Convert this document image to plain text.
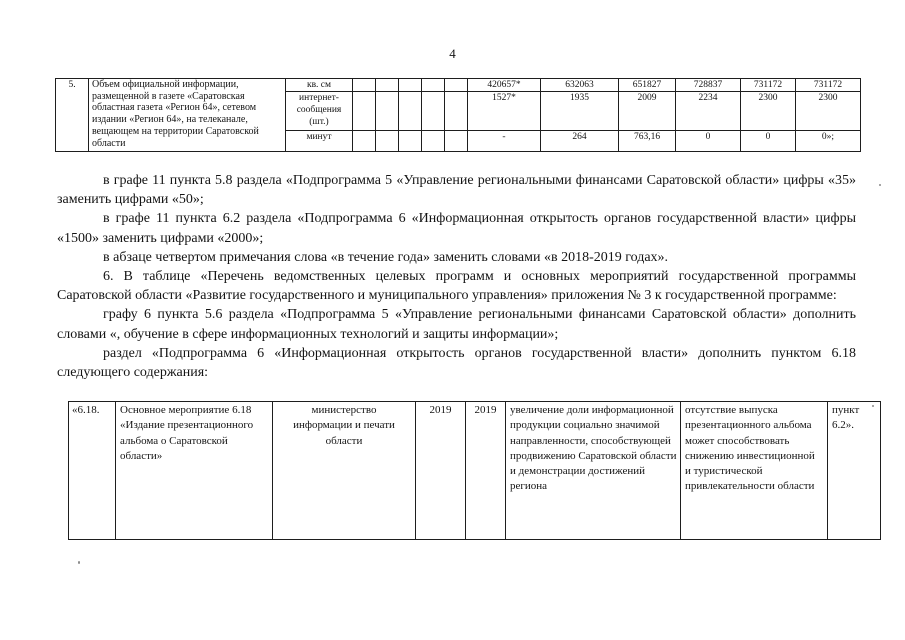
4
5.	Объем официальной информации, размещенной в газете «Саратовская областная газета «Регион 64», сетевом издании «Регион 64», на телеканале, вещающем на территории Саратовской области	кв. см						420657*	632063	651827	728837	731172	731172
		интернет-сообщения (шт.)						1527*	1935	2009	2234	2300	2300
		минут						-	264	763,16	0	0	0»;

в графе 11 пункта 5.8 раздела «Подпрограмма 5 «Управление региональными финансами Саратовской области» цифры «35» заменить цифрами «50»;

в графе 11 пункта 6.2 раздела «Подпрограмма 6 «Информационная открытость органов государственной власти» цифры «1500» заменить цифрами «2000»;

в абзаце четвертом примечания слова «в течение года» заменить словами «в 2018-2019 годах».

6. В таблице «Перечень ведомственных целевых программ и основных мероприятий государственной программы Саратовской области «Развитие государственного и муниципального управления» приложения № 3 к государственной программе:

графу 6 пункта 5.6 раздела «Подпрограмма 5 «Управление региональными финансами Саратовской области» дополнить словами «, обучение в сфере информационных технологий и защиты информации»;

раздел «Подпрограмма 6 «Информационная открытость органов государственной власти» дополнить пунктом 6.18 следующего содержания:

«6.18.	Основное мероприятие 6.18 «Издание презентационного альбома о Саратовской области»	министерство информации и печати области	2019	2019	увеличение доли информационной продукции социально значимой направленности, способствующей продвижению Саратовской области и демонстрации достижений региона	отсутствие выпуска презентационного альбома может способствовать снижению инвестиционной и туристической привлекательности области	пункт 6.2».
